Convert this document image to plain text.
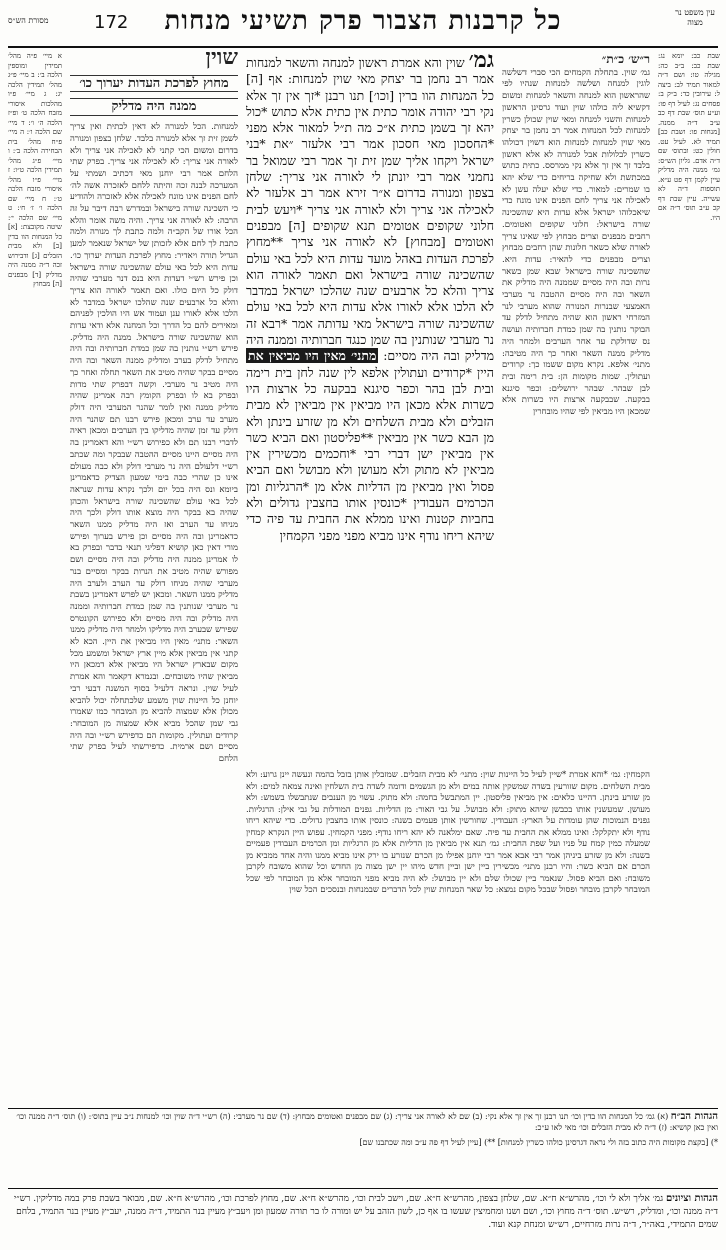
עין משפט נר מצוה
כל קרבנות הצבור פרק תשיעי מנחות
172
מסורת הש״ס
שבת כב: יומא נג: שבת כב: ב״ב כה: מגילה טו: ושם ד״ה למאור תמיד לב: ביצה ל: עירובין כד: ב״ק ב: פסחים נג: לעיל דף פו: וע״ע תוס׳ שבת דף כב ע״ב ד״ה ממנה. [מנחות פו: ושבת כב] תמיד לא. לעיל עט. חולין כט: ובתוס׳ שם ד״ה אדם. גליון הש״ס: גמ׳ ממנה היה מדליק עיין לקמן דף פט ע״א. תוספות ד״ה לא עשייה. עיין שבת דף קכ ע״ב תוס׳ ד״ה אם היו.
ר״ש׳ כ״ת״
גמ׳ שוין. בתחלת הקמחים הכי סברי דשלשה לוגין למנחה ושלשה למנחות שנהיו לפי שהראשון הוא למנחה והשאר למנחות ומשום דקשיא ליה כולהו שוין ועוד גרסינן הראשון למנחות והשני למנחה ומאי שוין שכולן כשרין למנחות לכל המנחות אמר רב נחמן בר יצחק מאי שוין למנחות למנחות הוא דשוין דכולהו כשרין לבלולות אבל למנורה לא אלא ראשון בלבד זך אין זך אלא נקי ממרסס. כתית כתוש במכתשת ולא שחיקה בריחים כדי שלא יהא בו שמרים: למאור. כדי שלא יעלה עשן לא לאכילה אני צריך לחם הפנים אינו מונח כדי שיאכלוהו ישראל אלא עדות היא שהשכינה שורה בישראל: חלוני שקופים ואטומים. רחבים מבפנים וצרים מבחוץ לפי שאינו צריך לאורה שלא כשאר חלונות שהן רחבים מבחוץ וצרים מבפנים כדי להאיר: עדות היא. שהשכינה שורה בישראל שבא שמן כשאר נרות ובה היה מסיים שממנה היה מדליק את השאר ובה היה מסיים ההטבה נר מערבי האמצעי שבנרות המנורה שהוא מערבי לנר המזרחי ראשון הוא שהיה מתחיל לדלק עד הבוקר נותנין בה שמן כמדת חברותיה ועושה נס שדולקת עד אחר הערבים ולמחר היה מדליק ממנה השאר ואחר כך היה מטיבה: מתני׳ אלפא. נקרא מקום ששמו כך: קרודים ועתולין. שמות מקומות הן: בית רימה ובית לבן שבהר. שבהר ירושלים: וכפר סיגנא בבקעה. שבבקעה ארצות היו כשרות אלא שמכאן היו מביאין לפי שהיו מובחרין
גמ׳ שוין והא אמרת ראשון למנחה והשאר למנחות אמר רב נחמן בר יצחק מאי שוין למנחות: אף [ה] כל המנחות הוו ברין [וכו׳] תנו רבנן *זך אין זך אלא נקי רבי יהודה אומר כתית אין כתית אלא כתוש *כול יהא זך בשמן כתית א״כ מה ת״ל למאור אלא מפני *החסכון מאי חסכון אמר רבי אלעזר ״את *בני ישראל ויקחו אליך שמן זית זך אמר רבי שמואל בר נחמני אמר רבי יונתן לי לאורה אני צריך: שלחן בצפון ומנורה בדרום א״ר זירא אמר רב אלעזר לא לאכילה אני צריך ולא לאורה אני צריך *ויעש לבית חלוני שקופים אטומים תנא שקופים [ה] מבפנים ואטומים [מבחוץ] לא לאורה אני צריך **מחוץ לפרכת העדות באהל מועד עדות היא לכל באי עולם שהשכינה שורה בישראל ואם תאמר לאורה הוא צריך והלא כל ארבעים שנה שהלכו ישראל במדבר לא הלכו אלא לאורו אלא עדות היא לכל באי עולם שהשכינה שורה בישראל מאי עדותה אמר *רבא זה נר מערבי שנותנין בה שמן כנגד חברותיה וממנה היה מדליק ובה היה מסיים: מתני׳ מאין היו מביאין את היין *קרודים ועתולין אלפא לין שנה לחן בית רימה ובית לבן בהר וכפר סיגנא בבקעה כל ארצות היו כשרות אלא מכאן היו מביאין אין מביאין לא מבית הזבלים ולא מבית השלחים ולא מן שזרע בינתן ולא מן הבא כשר אין מביאין **פליסטון ואם הביא כשר אין מביאין ישן דברי רבי *וחכמים מכשירין אין מביאין לא מתוק ולא מעושן ולא מבושל ואם הביא פסול ואין מביאין מן הדליות אלא מן *הרגליות ומן הכרמים העבודין *כונסין אותו בחצבין גדולים ולא בחביות קטנות ואינו ממלא את החבית עד פיה כדי שיהא ריחו נודף אינו מביא מפני מפני הקמחין
הקמחין: גמ׳ *והא אמרת *שיין לעיל כל היינות שוין: מתני׳ לא מבית הזבלים. שמזבלין אותן בזבל בהמה ונעשה יינן גרוע: ולא מבית השלחים. מקום שזורעין בשדה שמשקין אותה במים ולא מן הגשמים ודומה לשדה בית השלחין ואינה צמאה למים: ולא מן שזרע בינתן. דהיינו כלאים: אין מביאין פליסטון. יין המתבשל בחמה: ולא מתוק. עשוי מן הענבים שנתבשלו בשמש: ולא מעושן. שמעשנין אותו בכבשן שיהא מתוק: ולא מבושל. על גבי האור: מן הדליות. גפנים המודלות על גבי אילן: הרגליות. גפנים הנמוכות שהן עומדות על הארץ: העבודין. שחורשין אותן פעמים בשנה: כונסין אותו בחצבין גדולים. כדי שיהא ריחו נודף ולא יתקלקל: ואינו ממלא את החבית עד פיה. שאם ימלאנה לא יהא ריחו נודף: מפני הקמחין. עפוש היין הנקרא קמחין שמעלה כמין קמח על פניו ועל שפת החבית: גמ׳ תנא אין מביאין מן הדליות אלא מן הרגליות ומן הכרמים העבודין פעמיים בשנה: ולא מן שזרע ביניהן אמר רבי אבא אמר רבי יוחנן אפילו מן הכרם שנזרע בו ירק אינו מביא ממנו והיה אחד ממביא מן הכרם אם הביא כשר: והיו רבנן מתני׳ מכשירין ביין ישן וביין חדש מיהו יין ישן מצוה מן החדש וכל שהוא משובח לקרבן משובח: ואם הביא פסול. שנאמר ביין שכולו שלם ולא יין מבושל: לא היה מביא מפני המובחר אלא מן המובחר לפי שכל המובחר לקרבן מובחר ופסול שבכל מקום נמצא: כל שאר המנחות שוין לכל הדברים שבמנחות ובנסכים הכל שוין
שוין
מחוץ לפרכת העדות יערוך כו׳
ממנה היה מדליק
למנחות. הכל למנורה לא דאין לכתית ואין צריך לשמן זית זך אלא למנורה בלבד. שלחן בצפון ומנורה בדרום ומשום הכי קתני לא לאכילה אני צריך ולא לאורה אני צריך: לא לאכילה אני צריך. בפרק שתי הלחם אמר רבי יוחנן מאי דכתיב ושמתי על המערכה לבנה זכה והיתה ללחם לאזכרה אשה לה׳ לחם הפנים אינו מונח לאכילה אלא לאזכרה ולהודיע כי השכינה שורה בישראל ובמדרש רבה דיבר על זה הרבה: לא לאורה אני צריך. והיה משה אומר והלא הכל אורו של הקב״ה ולמה כתבת לך מנורה ולמה כתבת לך לחם אלא לזכותן של ישראל שנאמר למען הגדיל תורה ויאדיר: מחוץ לפרכת העדות יערוך כו׳. עדות היא לכל באי עולם שהשכינה שורה בישראל וכן פירש רש״י דעדות היא בנס דנר מערבי שהיה דולק כל היום כולו. ואם תאמר לאורה הוא צריך והלא כל ארבעים שנה שהלכו ישראל במדבר לא הלכו אלא לאורו ענן ועמוד אש היו הולכין לפניהם ומאירים להם כל הדרך וכל המחנה אלא ודאי עדות הוא שהשכינה שורה בישראל. ממנה היה מדליק. פירש רש״י נותנין בה שמן כמדת חברותיה ובה היה מתחיל לדלק בערב ומדליק ממנה השאר ובה היה מסיים בבקר שהיה מטיב את השאר תחלה ואחר כך היה מטיב נר מערבי. וקשה דבפרק שתי מדות ובפרק בא לו ובפרק הקומץ רבה אמרינן שהיה מדליק ממנה ואין לומר שהנר המערבי היה דולק מערב עד ערב ומכאן פירש רבנו תם שהנר היה דולק עד זמן שהיה מדליקו בין הערבים ומכאן ראיה לדברי רבנו תם ולא כפירוש רש״י והא דאמרינן בה היה מסיים היינו מסיים ההטבה שבבקר ומה שכתב רש״י דלעולם היה נר מערבי דולק ולא כבה מעולם אינו כן שהרי כבה בימי שמעון הצדיק כדאמרינן ביומא ונס היה בכל יום ולכך נקרא עדות שנראה לכל באי עולם שהשכינה שורה בישראל והכהן שהיה בא בבקר היה מוצא אותו דולק ולכך היה מניחו עד הערב ואז היה מדליק ממנו השאר כדאמרינן ובה היה מסיים וכן פירש בערוך ופירש מורי דאין כאן קושיא דפליגי תנאי בדבר ובפרק בא לו אמרינן ממנה היה מדליק ובה היה מסיים ושם מפורש שהיה מטיב את הנרות בבקר ומסיים בנר מערבי שהיה מניחו דולק עד הערב ולערב היה מדליק ממנו השאר. ומכאן יש לפרש דאמרינן בשבת נר מערבי שנותנין בה שמן כמדת חברותיה וממנה היה מדליק ובה היה מסיים ולא כפירוש הקונטרס שפירש שבערב היה מדליקו ולמחר היה מדליק ממנו השאר: מתני׳ מאין היו מביאין את היין. הכא לא קתני אין מביאין אלא מיין ארץ ישראל ומשמע מכל מקום שבארץ ישראל היו מביאין אלא דמכאן היו מביאין שהיו משובחים. ובגמרא דקאמר והא אמרת לעיל שוין. ונראה דלעיל בסוף המשנה דבעי רבי יוחנן כל היינות שוין משמע שלכתחלה יכול להביא מכולן אלא שמצוה להביא מן המובחר כמו שאמרו גבי שמן שהכל מביא אלא שמצוה מן המובחר: קרודים ועתולין. מקומות הם כדפירש רש״י ובה היה מסיים ושם ארמית. כדפירשתי לעיל בפרק שתי הלחם
א מיי׳ פ״ה מהל׳ תמידין ומוספין הלכה ב׳: ב מיי׳ פ״ג מהל׳ תמידין הלכה יג: ג מיי׳ פ״ו מהלכות איסורי מזבח הלכה ט׳ ופ״ז הלכה ה׳ ו׳: ד מיי׳ שם הלכה ו׳: ה מיי׳ פ״ח מהל׳ בית הבחירה הלכה ב׳: ו מיי׳ פ״ג מהל׳ תמידין הלכה ט״ו: ז מיי׳ פ״ו מהל׳ איסורי מזבח הלכה ט׳: ח מיי׳ שם הלכה ו׳ ז׳ ח׳: ט מיי׳ שם הלכה י׳: שיטה מקובצת: [א] כל המנחות הוו בדין [ב] ולא מבית הזבלים [ג] ודבירוש זכה ד״ה ממנה היה מדליק [ד] מבפנים [ה] מבחוץ
הגהות הב״ח (א) גמ׳ כל המנחות הוו בדין וכו׳ תנו רבנן זך אין זך אלא נקי: (ב) שם לא לאורה אני צריך: (ג) שם מבפנים ואטומים מבחוץ: (ד) שם נר מערבי: (ה) רש״י ד״ה שוין וכו׳ למנחות נ״ב עיין בתוס׳: (ו) תוס׳ ד״ה ממנה וכו׳ ואין כאן קושיא: (ז) ד״ה לא מבית הזבלים וכו׳ מאי לאו ע״כ:
*) [בקצת מקומות היה כתוב בזה ולי נראה דגרסינן כולהו כשרין למנחות] **) [עיין לעיל דף פה ע״ב ומה שכתבנו שם]
הגהות וציונים גמ׳ אליך ולא לי וכו׳, מהרש״א ח״א. שם, שלחן בצפון, מהרש״א ח״א. שם, וישב לבית וכו׳, מהרש״א ח״א. שם, מחוץ לפרכת וכו׳, מהרש״א ח״א. שם, מבואר בשבת פרק במה מדליקין. רש״י ד״ה ממנה וכו׳, ומדליק, רש״ש. תוס׳ ד״ה מחוץ וכו׳, ושם ושנו ומחמיצין שעשו בו אף כן, לשון הזהב על יש ומורה לו בר תורה שמעון ומן ויעב״ץ מעיין בנר התמיד, ד״ה ממנה, יעב״ץ מעיין בנר התמיד, בלחם שמים התמידי, באה״ר, ד״ה נרות מזרחיים, רש״ש ומנחת קנא ועוד.
